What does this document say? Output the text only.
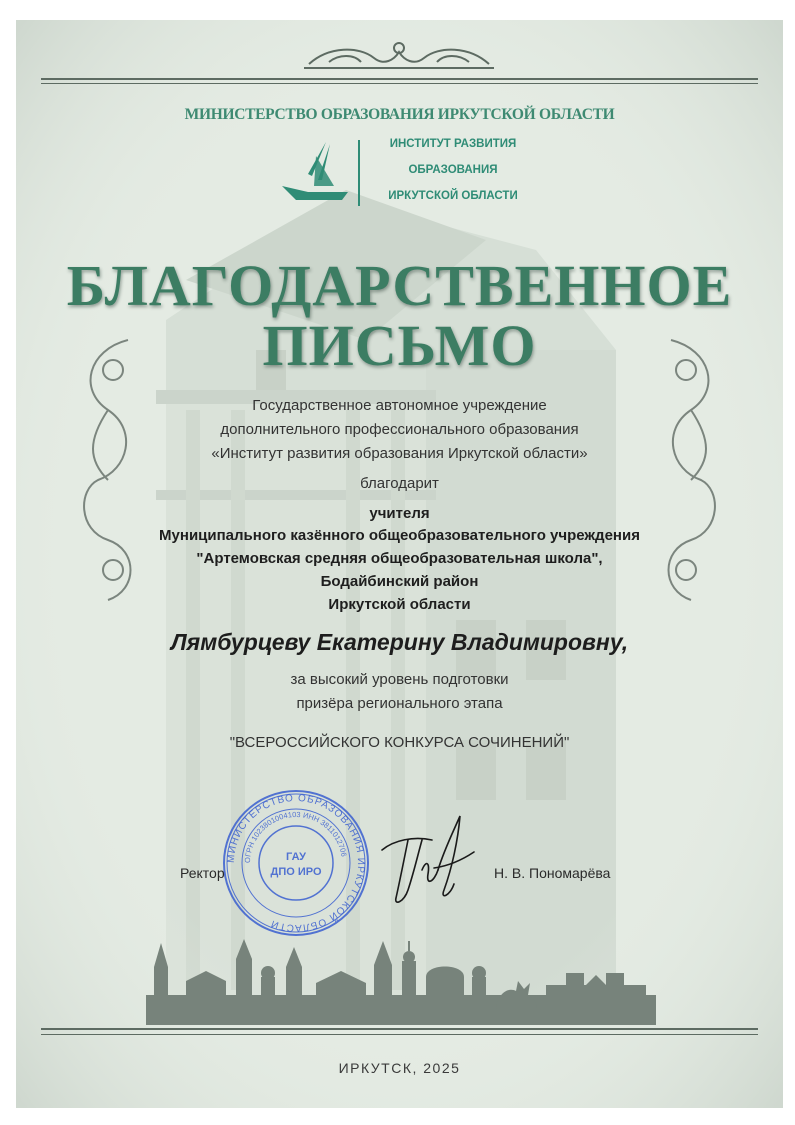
МИНИСТЕРСТВО ОБРАЗОВАНИЯ ИРКУТСКОЙ ОБЛАСТИ
ИНСТИТУТ РАЗВИТИЯ
ОБРАЗОВАНИЯ
ИРКУТСКОЙ ОБЛАСТИ
БЛАГОДАРСТВЕННОЕ
ПИСЬМО
Государственное автономное учреждение
дополнительного профессионального образования
«Институт развития образования Иркутской области»
благодарит
учителя
Муниципального казённого общеобразовательного учреждения
"Артемовская средняя общеобразовательная школа",
Бодайбинский район
Иркутской области
Лямбурцеву Екатерину Владимировну,
за высокий уровень подготовки
призёра регионального этапа
"ВСЕРОССИЙСКОГО КОНКУРСА СОЧИНЕНИЙ"
МИНИСТЕРСТВО ОБРАЗОВАНИЯ ИРКУТСКОЙ ОБЛАСТИ
ОГРН 1023801004103 ИНН 3811012706
ГАУ
ДПО ИРО
Ректор	Н. В. Пономарёва
ИРКУТСК, 2025
